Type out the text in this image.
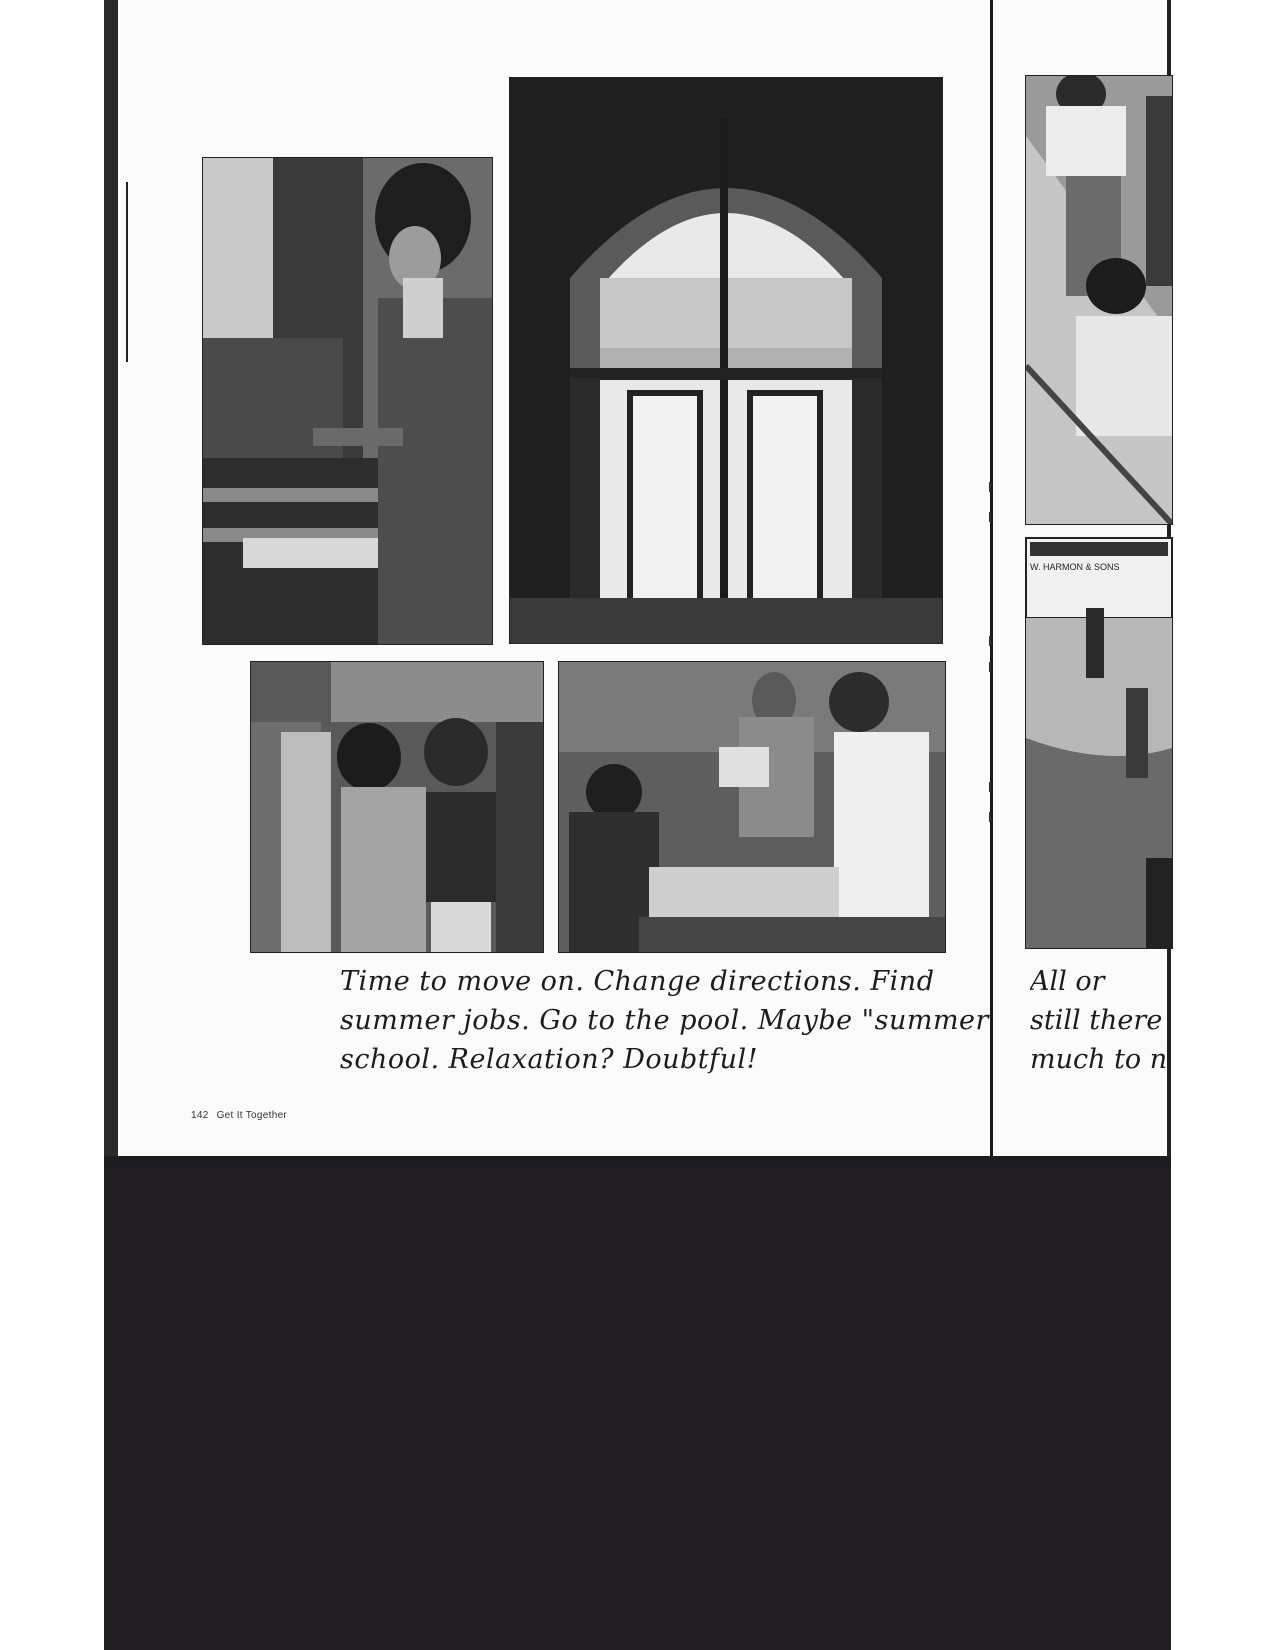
W. HARMON & SONS
Time to move on. Change directions. Find
summer jobs. Go to the pool. Maybe "summer
school. Relaxation? Doubtful!
All or
still there
much to n
142 Get It Together
